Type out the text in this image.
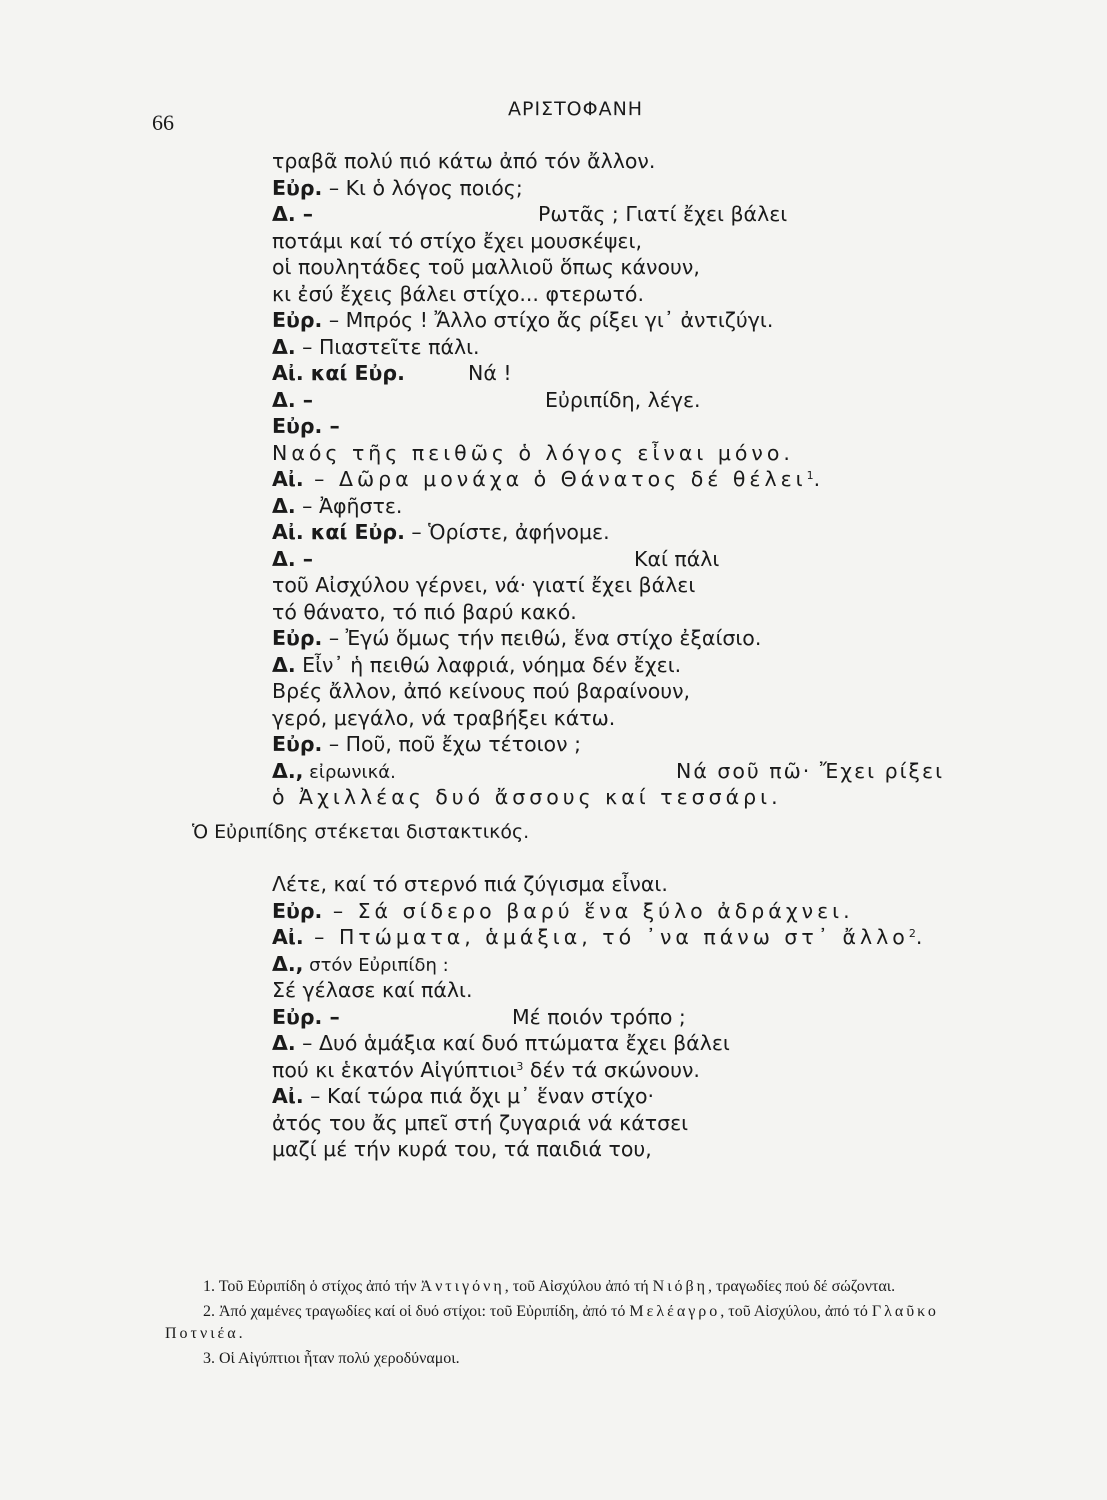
66
ΑΡΙΣΤΟΦΑΝΗ
τραβᾶ πολύ πιό κάτω ἀπό τόν ἄλλον.
Εὐρ. – Κι ὁ λόγος ποιός;
Δ. –	Ρωτᾶς ; Γιατί ἔχει βάλει
ποτάμι καί τό στίχο ἔχει μουσκέψει,
οἱ πουλητάδες τοῦ μαλλιοῦ ὅπως κάνουν,
κι ἐσύ ἔχεις βάλει στίχο... φτερωτό.
Εὐρ. – Μπρός ! Ἄλλο στίχο ἄς ρίξει γι᾿ ἀντιζύγι.
Δ. – Πιαστεῖτε πάλι.
Αἰ. καί Εὐρ.	Νά !
Δ. –	Εὐριπίδη, λέγε.
Εὐρ. –
Ναός τῆς πειθῶς ὁ λόγος εἶναι μόνο.
Αἰ. – Δῶρα μονάχα ὁ Θάνατος δέ θέλει$^1$.
Δ. – Ἀφῆστε.
Αἰ. καί Εὐρ. – Ὁρίστε, ἀφήνομε.
Δ. –	Καί πάλι
τοῦ Αἰσχύλου γέρνει, νά· γιατί ἔχει βάλει
τό θάνατο, τό πιό βαρύ κακό.
Εὐρ. – Ἐγώ ὅμως τήν πειθώ, ἕνα στίχο ἐξαίσιο.
Δ. Εἶν᾿ ἡ πειθώ λαφριά, νόημα δέν ἔχει.
Βρές ἄλλον, ἀπό κείνους πού βαραίνουν,
γερό, μεγάλο, νά τραβήξει κάτω.
Εὐρ. – Ποῦ, ποῦ ἔχω τέτοιον ;
Δ., εἰρωνικά.	Νά σοῦ πῶ· Ἔχει ρίξει
ὁ Ἀχιλλέας δυό ἄσσους καί τεσσάρι.
Ὁ Εὐριπίδης στέκεται διστακτικός.
Λέτε, καί τό στερνό πιά ζύγισμα εἶναι.
Εὐρ. – Σά σίδερο βαρύ ἕνα ξύλο ἀδράχνει.
Αἰ. – Πτώματα, ἁμάξια, τό ᾿να πάνω στ᾿ ἄλλο$^2$.
Δ., στόν Εὐριπίδη :
Σέ γέλασε καί πάλι.
Εὐρ. –	Μέ ποιόν τρόπο ;
Δ. – Δυό ἁμάξια καί δυό πτώματα ἔχει βάλει
πού κι ἑκατόν Αἰγύπτιοι$^3$ δέν τά σκώνουν.
Αἰ. – Καί τώρα πιά ὄχι μ᾿ ἕναν στίχο·
ἀτός του ἄς μπεῖ στή ζυγαριά νά κάτσει
μαζί μέ τήν κυρά του, τά παιδιά του,
1. Τοῦ Εὐριπίδη ὁ στίχος ἀπό τήν Ἀντιγόνη, τοῦ Αἰσχύλου ἀπό τή Νιόβη, τραγωδίες πού δέ σώζονται.
2. Ἀπό χαμένες τραγωδίες καί οἱ δυό στίχοι: τοῦ Εὐριπίδη, ἀπό τό Μελέαγρο, τοῦ Αἰσχύλου, ἀπό τό Γλαῦκο Ποτνιέα.
3. Οἱ Αἰγύπτιοι ἦταν πολύ χεροδύναμοι.
